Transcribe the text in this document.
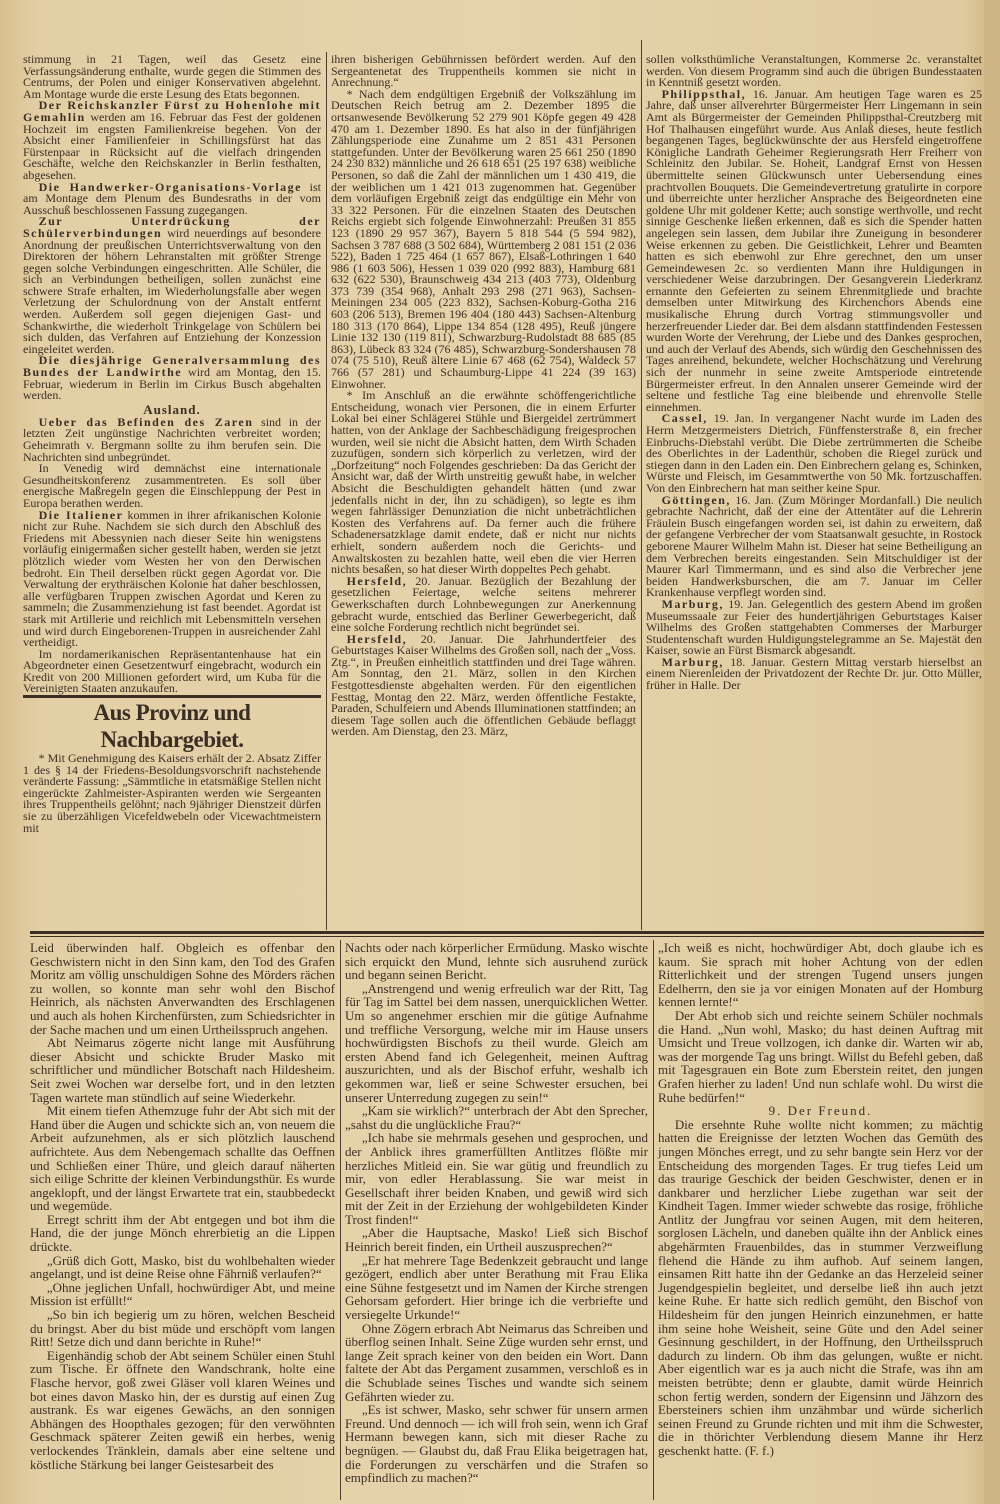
stimmung in 21 Tagen, weil das Gesetz eine Verfassungsänderung enthalte, wurde gegen die Stimmen des Centrums, der Polen und einiger Konservativen abgelehnt. Am Montage wurde die erste Lesung des Etats begonnen.

Der Reichskanzler Fürst zu Hohenlohe mit Gemahlin werden am 16. Februar das Fest der goldenen Hochzeit im engsten Familienkreise begehen. Von der Absicht einer Familienfeier in Schillingsfürst hat das Fürstenpaar in Rücksicht auf die vielfach dringenden Geschäfte, welche den Reichskanzler in Berlin festhalten, abgesehen.

Die Handwerker-Organisations-Vorlage ist am Montage dem Plenum des Bundesraths in der vom Ausschuß beschlossenen Fassung zugegangen.

Zur Unterdrückung der Schülerverbindungen wird neuerdings auf besondere Anordnung der preußischen Unterrichtsverwaltung von den Direktoren der höhern Lehranstalten mit größter Strenge gegen solche Verbindungen eingeschritten. Alle Schüler, die sich an Verbindungen betheiligen, sollen zunächst eine schwere Strafe erhalten, im Wiederholungsfalle aber wegen Verletzung der Schulordnung von der Anstalt entfernt werden. Außerdem soll gegen diejenigen Gast- und Schankwirthe, die wiederholt Trinkgelage von Schülern bei sich dulden, das Verfahren auf Entziehung der Konzession eingeleitet werden.

Die diesjährige Generalversammlung des Bundes der Landwirthe wird am Montag, den 15. Februar, wiederum in Berlin im Cirkus Busch abgehalten werden.

Ausland.

Ueber das Befinden des Zaren sind in der letzten Zeit ungünstige Nachrichten verbreitet worden; Geheimrath v. Bergmann sollte zu ihm berufen sein. Die Nachrichten sind unbegründet.

In Venedig wird demnächst eine internationale Gesundheitskonferenz zusammentreten. Es soll über energische Maßregeln gegen die Einschleppung der Pest in Europa berathen werden.

Die Italiener kommen in ihrer afrikanischen Kolonie nicht zur Ruhe. Nachdem sie sich durch den Abschluß des Friedens mit Abessynien nach dieser Seite hin wenigstens vorläufig einigermaßen sicher gestellt haben, werden sie jetzt plötzlich wieder vom Westen her von den Derwischen bedroht. Ein Theil derselben rückt gegen Agordat vor. Die Verwaltung der erythräischen Kolonie hat daher beschlossen, alle verfügbaren Truppen zwischen Agordat und Keren zu sammeln; die Zusammenziehung ist fast beendet. Agordat ist stark mit Artillerie und reichlich mit Lebensmitteln versehen und wird durch Eingeborenen-Truppen in ausreichender Zahl vertheidigt.

Im nordamerikanischen Repräsentantenhause hat ein Abgeordneter einen Gesetzentwurf eingebracht, wodurch ein Kredit von 200 Millionen gefordert wird, um Kuba für die Vereinigten Staaten anzukaufen.

Aus Provinz und Nachbargebiet.

* Mit Genehmigung des Kaisers erhält der 2. Absatz Ziffer 1 des § 14 der Friedens-Besoldungsvorschrift nachstehende veränderte Fassung: „Sämmtliche in etatsmäßige Stellen nicht eingerückte Zahlmeister-Aspiranten werden wie Sergeanten ihres Truppentheils gelöhnt; nach 9jähriger Dienstzeit dürfen sie zu überzähligen Vicefeldwebeln oder Vicewachtmeistern mit

ihren bisherigen Gebührnissen befördert werden. Auf den Sergeantenetat des Truppentheils kommen sie nicht in Anrechnung.“

* Nach dem endgültigen Ergebniß der Volkszählung im Deutschen Reich betrug am 2. Dezember 1895 die ortsanwesende Bevölkerung 52 279 901 Köpfe gegen 49 428 470 am 1. Dezember 1890. Es hat also in der fünfjährigen Zählungsperiode eine Zunahme um 2 851 431 Personen stattgefunden. Unter der Bevölkerung waren 25 661 250 (1890 24 230 832) männliche und 26 618 651 (25 197 638) weibliche Personen, so daß die Zahl der männlichen um 1 430 419, die der weiblichen um 1 421 013 zugenommen hat. Gegenüber dem vorläufigen Ergebniß zeigt das endgültige ein Mehr von 33 322 Personen. Für die einzelnen Staaten des Deutschen Reichs ergiebt sich folgende Einwohnerzahl: Preußen 31 855 123 (1890 29 957 367), Bayern 5 818 544 (5 594 982), Sachsen 3 787 688 (3 502 684), Württemberg 2 081 151 (2 036 522), Baden 1 725 464 (1 657 867), Elsaß-Lothringen 1 640 986 (1 603 506), Hessen 1 039 020 (992 883), Hamburg 681 632 (622 530), Braunschweig 434 213 (403 773), Oldenburg 373 739 (354 968), Anhalt 293 298 (271 963), Sachsen-Meiningen 234 005 (223 832), Sachsen-Koburg-Gotha 216 603 (206 513), Bremen 196 404 (180 443) Sachsen-Altenburg 180 313 (170 864), Lippe 134 854 (128 495), Reuß jüngere Linie 132 130 (119 811), Schwarzburg-Rudolstadt 88 685 (85 863), Lübeck 83 324 (76 485), Schwarzburg-Sondershausen 78 074 (75 510), Reuß ältere Linie 67 468 (62 754), Waldeck 57 766 (57 281) und Schaumburg-Lippe 41 224 (39 163) Einwohner.

* Im Anschluß an die erwähnte schöffengerichtliche Entscheidung, wonach vier Personen, die in einem Erfurter Lokal bei einer Schlägerei Stühle und Biergeidel zertrümmert hatten, von der Anklage der Sachbeschädigung freigesprochen wurden, weil sie nicht die Absicht hatten, dem Wirth Schaden zuzufügen, sondern sich körperlich zu verletzen, wird der „Dorfzeitung“ noch Folgendes geschrieben: Da das Gericht der Ansicht war, daß der Wirth unstreitig gewußt habe, in welcher Absicht die Beschuldigten gehandelt hätten (und zwar jedenfalls nicht in der, ihn zu schädigen), so legte es ihm wegen fahrlässiger Denunziation die nicht unbeträchtlichen Kosten des Verfahrens auf. Da ferner auch die frühere Schadenersatzklage damit endete, daß er nicht nur nichts erhielt, sondern außerdem noch die Gerichts- und Anwaltskosten zu bezahlen hatte, weil eben die vier Herren nichts besaßen, so hat dieser Wirth doppeltes Pech gehabt.

Hersfeld, 20. Januar. Bezüglich der Bezahlung der gesetzlichen Feiertage, welche seitens mehrerer Gewerkschaften durch Lohnbewegungen zur Anerkennung gebracht wurde, entschied das Berliner Gewerbegericht, daß eine solche Forderung rechtlich nicht begründet sei.

Hersfeld, 20. Januar. Die Jahrhundertfeier des Geburtstages Kaiser Wilhelms des Großen soll, nach der „Voss. Ztg.“, in Preußen einheitlich stattfinden und drei Tage währen. Am Sonntag, den 21. März, sollen in den Kirchen Festgottesdienste abgehalten werden. Für den eigentlichen Festtag, Montag den 22. März, werden öffentliche Festakte, Paraden, Schulfeiern und Abends Illuminationen stattfinden; an diesem Tage sollen auch die öffentlichen Gebäude beflaggt werden. Am Dienstag, den 23. März,

sollen volksthümliche Veranstaltungen, Kommerse 2c. veranstaltet werden. Von diesem Programm sind auch die übrigen Bundesstaaten in Kenntniß gesetzt worden.

Philippsthal, 16. Januar. Am heutigen Tage waren es 25 Jahre, daß unser allverehrter Bürgermeister Herr Lingemann in sein Amt als Bürgermeister der Gemeinden Philippsthal-Creutzberg mit Hof Thalhausen eingeführt wurde. Aus Anlaß dieses, heute festlich begangenen Tages, beglückwünschte der aus Hersfeld eingetroffene Königliche Landrath Geheimer Regierungsrath Herr Freiherr von Schleinitz den Jubilar. Se. Hoheit, Landgraf Ernst von Hessen übermittelte seinen Glückwunsch unter Uebersendung eines prachtvollen Bouquets. Die Gemeindevertretung gratulirte in corpore und überreichte unter herzlicher Ansprache des Beigeordneten eine goldene Uhr mit goldener Kette; auch sonstige werthvolle, und recht sinnige Geschenke ließen erkennen, daß es sich die Spender hatten angelegen sein lassen, dem Jubilar ihre Zuneigung in besonderer Weise erkennen zu geben. Die Geistlichkeit, Lehrer und Beamten hatten es sich ebenwohl zur Ehre gerechnet, den um unser Gemeindewesen 2c. so verdienten Mann ihre Huldigungen in verschiedener Weise darzubringen. Der Gesangverein Liederkranz ernannte den Gefeierten zu seinem Ehrenmitgliede und brachte demselben unter Mitwirkung des Kirchenchors Abends eine musikalische Ehrung durch Vortrag stimmungsvoller und herzerfreuender Lieder dar. Bei dem alsdann stattfindenden Festessen wurden Worte der Verehrung, der Liebe und des Dankes gesprochen, und auch der Verlauf des Abends, sich würdig den Geschehnissen des Tages anreihend, bekundete, welcher Hochschätzung und Verehrung sich der nunmehr in seine zweite Amtsperiode eintretende Bürgermeister erfreut. In den Annalen unserer Gemeinde wird der seltene und festliche Tag eine bleibende und ehrenvolle Stelle einnehmen.

Cassel, 19. Jan. In vergangener Nacht wurde im Laden des Herrn Metzgermeisters Dietrich, Fünffensterstraße 8, ein frecher Einbruchs-Diebstahl verübt. Die Diebe zertrümmerten die Scheibe des Oberlichtes in der Ladenthür, schoben die Riegel zurück und stiegen dann in den Laden ein. Den Einbrechern gelang es, Schinken, Würste und Fleisch, im Gesammtwerthe von 50 Mk. fortzuschaffen. Von den Einbrechern hat man seither keine Spur.

Göttingen, 16. Jan. (Zum Möringer Mordanfall.) Die neulich gebrachte Nachricht, daß der eine der Attentäter auf die Lehrerin Fräulein Busch eingefangen worden sei, ist dahin zu erweitern, daß der gefangene Verbrecher der vom Staatsanwalt gesuchte, in Rostock geborene Maurer Wilhelm Mahn ist. Dieser hat seine Betheiligung an dem Verbrechen bereits eingestanden. Sein Mitschuldiger ist der Maurer Karl Timmermann, und es sind also die Verbrecher jene beiden Handwerksburschen, die am 7. Januar im Celler Krankenhause verpflegt worden sind.

Marburg, 19. Jan. Gelegentlich des gestern Abend im großen Museumssaale zur Feier des hundertjährigen Geburtstages Kaiser Wilhelms des Großen stattgehabten Commerses der Marburger Studentenschaft wurden Huldigungstelegramme an Se. Majestät den Kaiser, sowie an Fürst Bismarck abgesandt.

Marburg, 18. Januar. Gestern Mittag verstarb hierselbst an einem Nierenleiden der Privatdozent der Rechte Dr. jur. Otto Müller, früher in Halle. Der

Leid überwinden half. Obgleich es offenbar den Geschwistern nicht in den Sinn kam, den Tod des Grafen Moritz am völlig unschuldigen Sohne des Mörders rächen zu wollen, so konnte man sehr wohl den Bischof Heinrich, als nächsten Anverwandten des Erschlagenen und auch als hohen Kirchenfürsten, zum Schiedsrichter in der Sache machen und um einen Urtheilsspruch angehen.

Abt Neimarus zögerte nicht lange mit Ausführung dieser Absicht und schickte Bruder Masko mit schriftlicher und mündlicher Botschaft nach Hildesheim. Seit zwei Wochen war derselbe fort, und in den letzten Tagen wartete man stündlich auf seine Wiederkehr.

Mit einem tiefen Athemzuge fuhr der Abt sich mit der Hand über die Augen und schickte sich an, von neuem die Arbeit aufzunehmen, als er sich plötzlich lauschend aufrichtete. Aus dem Nebengemach schallte das Oeffnen und Schließen einer Thüre, und gleich darauf näherten sich eilige Schritte der kleinen Verbindungsthür. Es wurde angeklopft, und der längst Erwartete trat ein, staubbedeckt und wegemüde.

Erregt schritt ihm der Abt entgegen und bot ihm die Hand, die der junge Mönch ehrerbietig an die Lippen drückte.

„Grüß dich Gott, Masko, bist du wohlbehalten wieder angelangt, und ist deine Reise ohne Fährniß verlaufen?“

„Ohne jeglichen Unfall, hochwürdiger Abt, und meine Mission ist erfüllt!“

„So bin ich begierig um zu hören, welchen Bescheid du bringst. Aber du bist müde und erschöpft vom langen Ritt! Setze dich und dann berichte in Ruhe!“

Eigenhändig schob der Abt seinem Schüler einen Stuhl zum Tische. Er öffnete den Wandschrank, holte eine Flasche hervor, goß zwei Gläser voll klaren Weines und bot eines davon Masko hin, der es durstig auf einen Zug austrank. Es war eigenes Gewächs, an den sonnigen Abhängen des Hoopthales gezogen; für den verwöhnten Geschmack späterer Zeiten gewiß ein herbes, wenig verlockendes Tränklein, damals aber eine seltene und köstliche Stärkung bei langer Geistesarbeit des

Nachts oder nach körperlicher Ermüdung. Masko wischte sich erquickt den Mund, lehnte sich ausruhend zurück und begann seinen Bericht.

„Anstrengend und wenig erfreulich war der Ritt, Tag für Tag im Sattel bei dem nassen, unerquicklichen Wetter. Um so angenehmer erschien mir die gütige Aufnahme und treffliche Versorgung, welche mir im Hause unsers hochwürdigsten Bischofs zu theil wurde. Gleich am ersten Abend fand ich Gelegenheit, meinen Auftrag auszurichten, und als der Bischof erfuhr, weshalb ich gekommen war, ließ er seine Schwester ersuchen, bei unserer Unterredung zugegen zu sein!“

„Kam sie wirklich?“ unterbrach der Abt den Sprecher, „sahst du die unglückliche Frau?“

„Ich habe sie mehrmals gesehen und gesprochen, und der Anblick ihres gramerfüllten Antlitzes flößte mir herzliches Mitleid ein. Sie war gütig und freundlich zu mir, von edler Herablassung. Sie war meist in Gesellschaft ihrer beiden Knaben, und gewiß wird sich mit der Zeit in der Erziehung der wohlgebildeten Kinder Trost finden!“

„Aber die Hauptsache, Masko! Ließ sich Bischof Heinrich bereit finden, ein Urtheil auszusprechen?“

„Er hat mehrere Tage Bedenkzeit gebraucht und lange gezögert, endlich aber unter Berathung mit Frau Elika eine Sühne festgesetzt und im Namen der Kirche strengen Gehorsam gefordert. Hier bringe ich die verbriefte und versiegelte Urkunde!“

Ohne Zögern erbrach Abt Neimarus das Schreiben und überflog seinen Inhalt. Seine Züge wurden sehr ernst, und lange Zeit sprach keiner von den beiden ein Wort. Dann faltete der Abt das Pergament zusammen, verschloß es in die Schublade seines Tisches und wandte sich seinem Gefährten wieder zu.

„Es ist schwer, Masko, sehr schwer für unsern armen Freund. Und dennoch — ich will froh sein, wenn ich Graf Hermann bewegen kann, sich mit dieser Rache zu begnügen. — Glaubst du, daß Frau Elika beigetragen hat, die Forderungen zu verschärfen und die Strafen so empfindlich zu machen?“

„Ich weiß es nicht, hochwürdiger Abt, doch glaube ich es kaum. Sie sprach mit hoher Achtung von der edlen Ritterlichkeit und der strengen Tugend unsers jungen Edelherrn, den sie ja vor einigen Monaten auf der Homburg kennen lernte!“

Der Abt erhob sich und reichte seinem Schüler nochmals die Hand. „Nun wohl, Masko; du hast deinen Auftrag mit Umsicht und Treue vollzogen, ich danke dir. Warten wir ab, was der morgende Tag uns bringt. Willst du Befehl geben, daß mit Tagesgrauen ein Bote zum Eberstein reitet, den jungen Grafen hierher zu laden! Und nun schlafe wohl. Du wirst die Ruhe bedürfen!“

9. Der Freund.

Die ersehnte Ruhe wollte nicht kommen; zu mächtig hatten die Ereignisse der letzten Wochen das Gemüth des jungen Mönches erregt, und zu sehr bangte sein Herz vor der Entscheidung des morgenden Tages. Er trug tiefes Leid um das traurige Geschick der beiden Geschwister, denen er in dankbarer und herzlicher Liebe zugethan war seit der Kindheit Tagen. Immer wieder schwebte das rosige, fröhliche Antlitz der Jungfrau vor seinen Augen, mit dem heiteren, sorglosen Lächeln, und daneben quälte ihn der Anblick eines abgehärmten Frauenbildes, das in stummer Verzweiflung flehend die Hände zu ihm aufhob. Auf seinem langen, einsamen Ritt hatte ihn der Gedanke an das Herzeleid seiner Jugendgespielin begleitet, und derselbe ließ ihn auch jetzt keine Ruhe. Er hatte sich redlich gemüht, den Bischof von Hildesheim für den jungen Heinrich einzunehmen, er hatte ihm seine hohe Weisheit, seine Güte und den Adel seiner Gesinnung geschildert, in der Hoffnung, den Urtheilsspruch dadurch zu lindern. Ob ihm das gelungen, wußte er nicht. Aber eigentlich war es ja auch nicht die Strafe, was ihn am meisten betrübte; denn er glaubte, damit würde Heinrich schon fertig werden, sondern der Eigensinn und Jähzorn des Ebersteiners schien ihm unzähmbar und würde sicherlich seinen Freund zu Grunde richten und mit ihm die Schwester, die in thörichter Verblendung diesem Manne ihr Herz geschenkt hatte. (F. f.)
